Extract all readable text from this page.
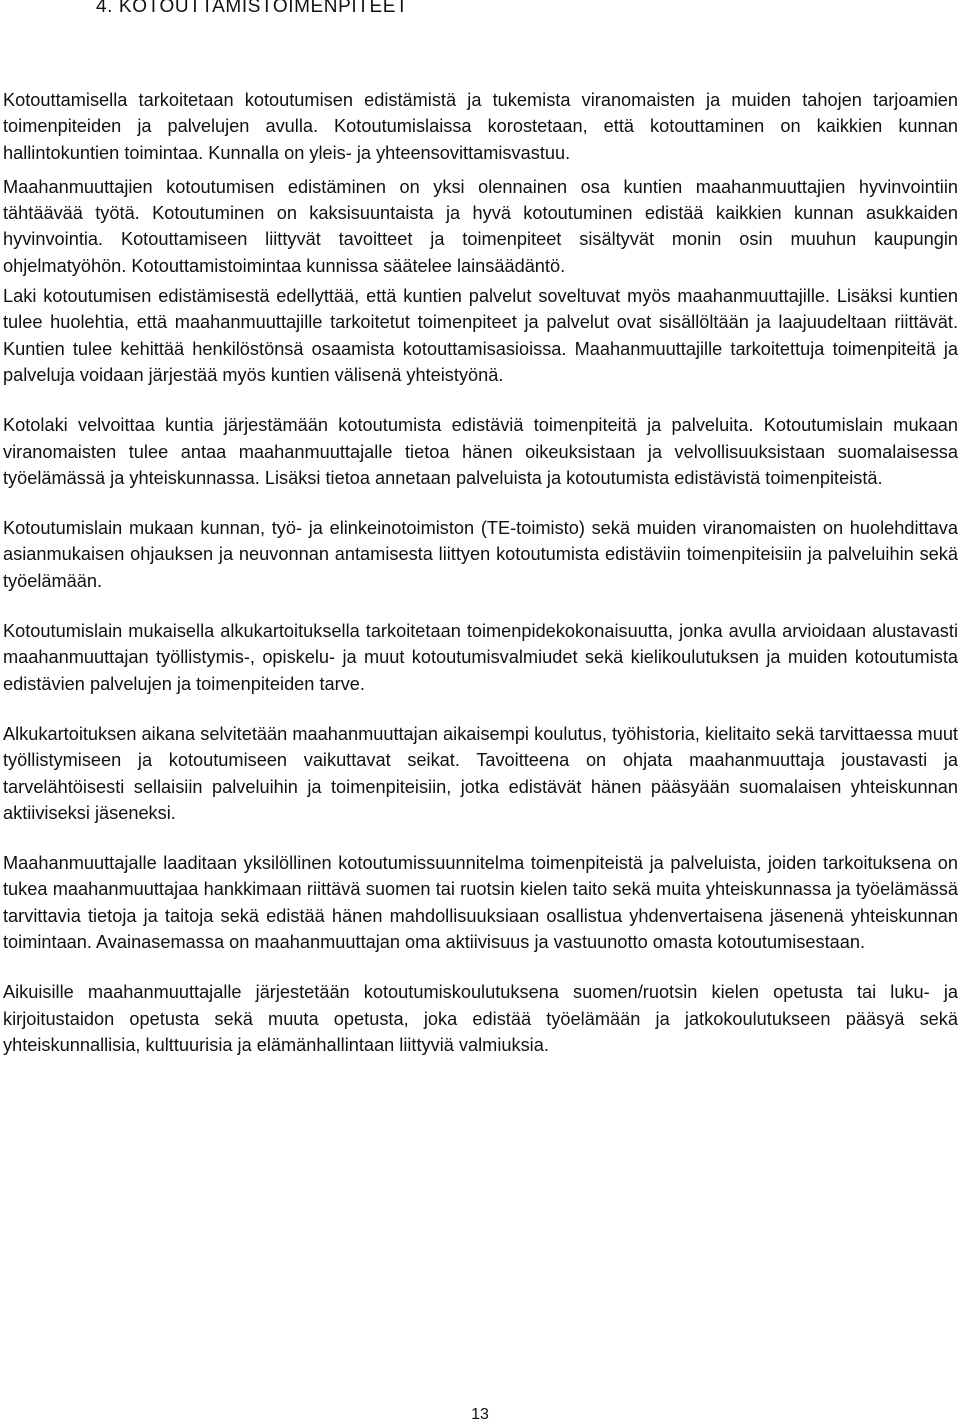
4. KOTOUTTAMISTOIMENPITEET

Kotouttamisella tarkoitetaan kotoutumisen edistämistä ja tukemista viranomaisten ja muiden tahojen tarjoamien toimenpiteiden ja palvelujen avulla. Kotoutumislaissa korostetaan, että kotouttaminen on kaikkien kunnan hallintokuntien toimintaa. Kunnalla on yleis- ja yhteensovittamisvastuu.

Maahanmuuttajien kotoutumisen edistäminen on yksi olennainen osa kuntien maahanmuuttajien hyvinvointiin tähtäävää työtä. Kotoutuminen on kaksisuuntaista ja hyvä kotoutuminen edistää kaikkien kunnan asukkaiden hyvinvointia. Kotouttamiseen liittyvät tavoitteet ja toimenpiteet sisältyvät monin osin muuhun kaupungin ohjelmatyöhön. Kotouttamistoimintaa kunnissa säätelee lainsäädäntö.

Laki kotoutumisen edistämisestä edellyttää, että kuntien palvelut soveltuvat myös maahanmuuttajille. Lisäksi kuntien tulee huolehtia, että maahanmuuttajille tarkoitetut toimenpiteet ja palvelut ovat sisällöltään ja laajuudeltaan riittävät. Kuntien tulee kehittää henkilöstönsä osaamista kotouttamisasioissa. Maahanmuuttajille tarkoitettuja toimenpiteitä ja palveluja voidaan järjestää myös kuntien välisenä yhteistyönä.

Kotolaki velvoittaa kuntia järjestämään kotoutumista edistäviä toimenpiteitä ja palveluita. Kotoutumislain mukaan viranomaisten tulee antaa maahanmuuttajalle tietoa hänen oikeuksistaan ja velvollisuuksistaan suomalaisessa työelämässä ja yhteiskunnassa. Lisäksi tietoa annetaan palveluista ja kotoutumista edistävistä toimenpiteistä.

Kotoutumislain mukaan kunnan, työ- ja elinkeinotoimiston (TE-toimisto) sekä muiden viranomaisten on huolehdittava asianmukaisen ohjauksen ja neuvonnan antamisesta liittyen kotoutumista edistäviin toimenpiteisiin ja palveluihin sekä työelämään.

Kotoutumislain mukaisella alkukartoituksella tarkoitetaan toimenpidekokonaisuutta, jonka avulla arvioidaan alustavasti maahanmuuttajan työllistymis-, opiskelu- ja muut kotoutumisvalmiudet sekä kielikoulutuksen ja muiden kotoutumista edistävien palvelujen ja toimenpiteiden tarve.

Alkukartoituksen aikana selvitetään maahanmuuttajan aikaisempi koulutus, työhistoria, kielitaito sekä tarvittaessa muut työllistymiseen ja kotoutumiseen vaikuttavat seikat. Tavoitteena on ohjata maahanmuuttaja joustavasti ja tarvelähtöisesti sellaisiin palveluihin ja toimenpiteisiin, jotka edistävät hänen pääsyään suomalaisen yhteiskunnan aktiiviseksi jäseneksi.

Maahanmuuttajalle laaditaan yksilöllinen kotoutumissuunnitelma toimenpiteistä ja palveluista, joiden tarkoituksena on tukea maahanmuuttajaa hankkimaan riittävä suomen tai ruotsin kielen taito sekä muita yhteiskunnassa ja työelämässä tarvittavia tietoja ja taitoja sekä edistää hänen mahdollisuuksiaan osallistua yhdenvertaisena jäsenenä yhteiskunnan toimintaan. Avainasemassa on maahanmuuttajan oma aktiivisuus ja vastuunotto omasta kotoutumisestaan.

Aikuisille maahanmuuttajalle järjestetään kotoutumiskoulutuksena suomen/ruotsin kielen opetusta tai luku- ja kirjoitustaidon opetusta sekä muuta opetusta, joka edistää työelämään ja jatkokoulutukseen pääsyä sekä yhteiskunnallisia, kulttuurisia ja elämänhallintaan liittyviä valmiuksia.

13
